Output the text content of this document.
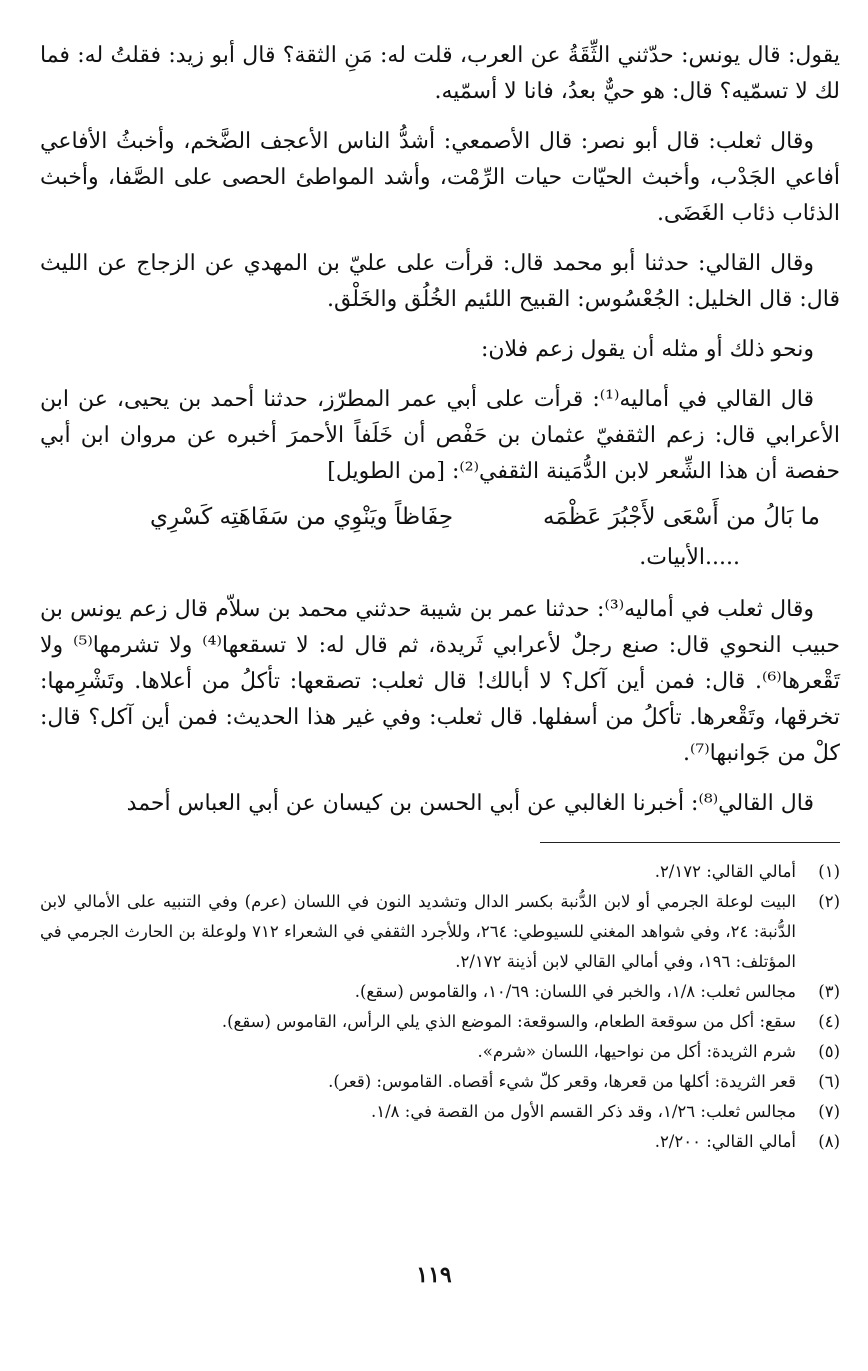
يقول: قال يونس: حدّثني الثِّقَةُ عن العرب، قلت له: مَنِ الثقة؟ قال أبو زيد: فقلتُ له: فما لك لا تسمّيه؟ قال: هو حيٌّ بعدُ، فانا لا أسمّيه.

وقال ثعلب: قال أبو نصر: قال الأصمعي: أشدُّ الناس الأعجف الضَّخم، وأخبثُ الأفاعي أفاعي الجَدْب، وأخبث الحيّات حيات الرِّمْت، وأشد المواطئ الحصى على الصَّفا، وأخبث الذئاب ذئاب الغَضَى.

وقال القالي: حدثنا أبو محمد قال: قرأت على عليّ بن المهدي عن الزجاج عن الليث قال: قال الخليل: الجُعْسُوس: القبيح اللئيم الخُلُق والخَلْق.

ونحو ذلك أو مثله أن يقول زعم فلان:

قال القالي في أماليه⁽¹⁾: قرأت على أبي عمر المطرّز، حدثنا أحمد بن يحيى، عن ابن الأعرابي قال: زعم الثقفيّ عثمان بن حَفْص أن خَلَفاً الأحمرَ أخبره عن مروان ابن أبي حفصة أن هذا الشِّعر لابن الدُّمَينة الثقفي⁽²⁾: [من الطويل]

ما بَالُ من أَسْعَى لأَجْبُرَ عَظْمَه
حِفَاظاً ويَنْوِي من سَفَاهَتِه كَسْرِي
.....الأبيات.

وقال ثعلب في أماليه⁽³⁾: حدثنا عمر بن شيبة حدثني محمد بن سلاّم قال زعم يونس بن حبيب النحوي قال: صنع رجلٌ لأعرابي ثَريدة، ثم قال له: لا تسقعها⁽⁴⁾ ولا تشرمها⁽⁵⁾ ولا تَقْعرها⁽⁶⁾. قال: فمن أين آكل؟ لا أبالك! قال ثعلب: تصقعها: تأكلُ من أعلاها. وتَشْرِمها: تخرقها، وتَقْعرها. تأكلُ من أسفلها. قال ثعلب: وفي غير هذا الحديث: فمن أين آكل؟ قال: كلْ من جَوانبها⁽⁷⁾.

قال القالي⁽⁸⁾: أخبرنا الغالبي عن أبي الحسن بن كيسان عن أبي العباس أحمد

(١)
أمالي القالي: ٢/١٧٢.
(٢)
البيت لوعلة الجرمي أو لابن الدُّنبة بكسر الدال وتشديد النون في اللسان (عرم) وفي التنبيه على الأمالي لابن الدُّنبة: ٢٤، وفي شواهد المغني للسيوطي: ٢٦٤، وللأجرد الثقفي في الشعراء ٧١٢ ولوعلة بن الحارث الجرمي في المؤتلف: ١٩٦، وفي أمالي القالي لابن أذينة ٢/١٧٢.
(٣)
مجالس ثعلب: ١/٨، والخبر في اللسان: ١٠/٦٩، والقاموس (سقع).
(٤)
سقع: أكل من سوقعة الطعام، والسوقعة: الموضع الذي يلي الرأس، القاموس (سقع).
(٥)
شرم الثريدة: أكل من نواحيها، اللسان «شرم».
(٦)
قعر الثريدة: أكلها من قعرها، وقعر كلّ شيء أقصاه. القاموس: (قعر).
(٧)
مجالس ثعلب: ١/٢٦، وقد ذكر القسم الأول من القصة في: ١/٨.
(٨)
أمالي القالي: ٢/٢٠٠.
١١٩
